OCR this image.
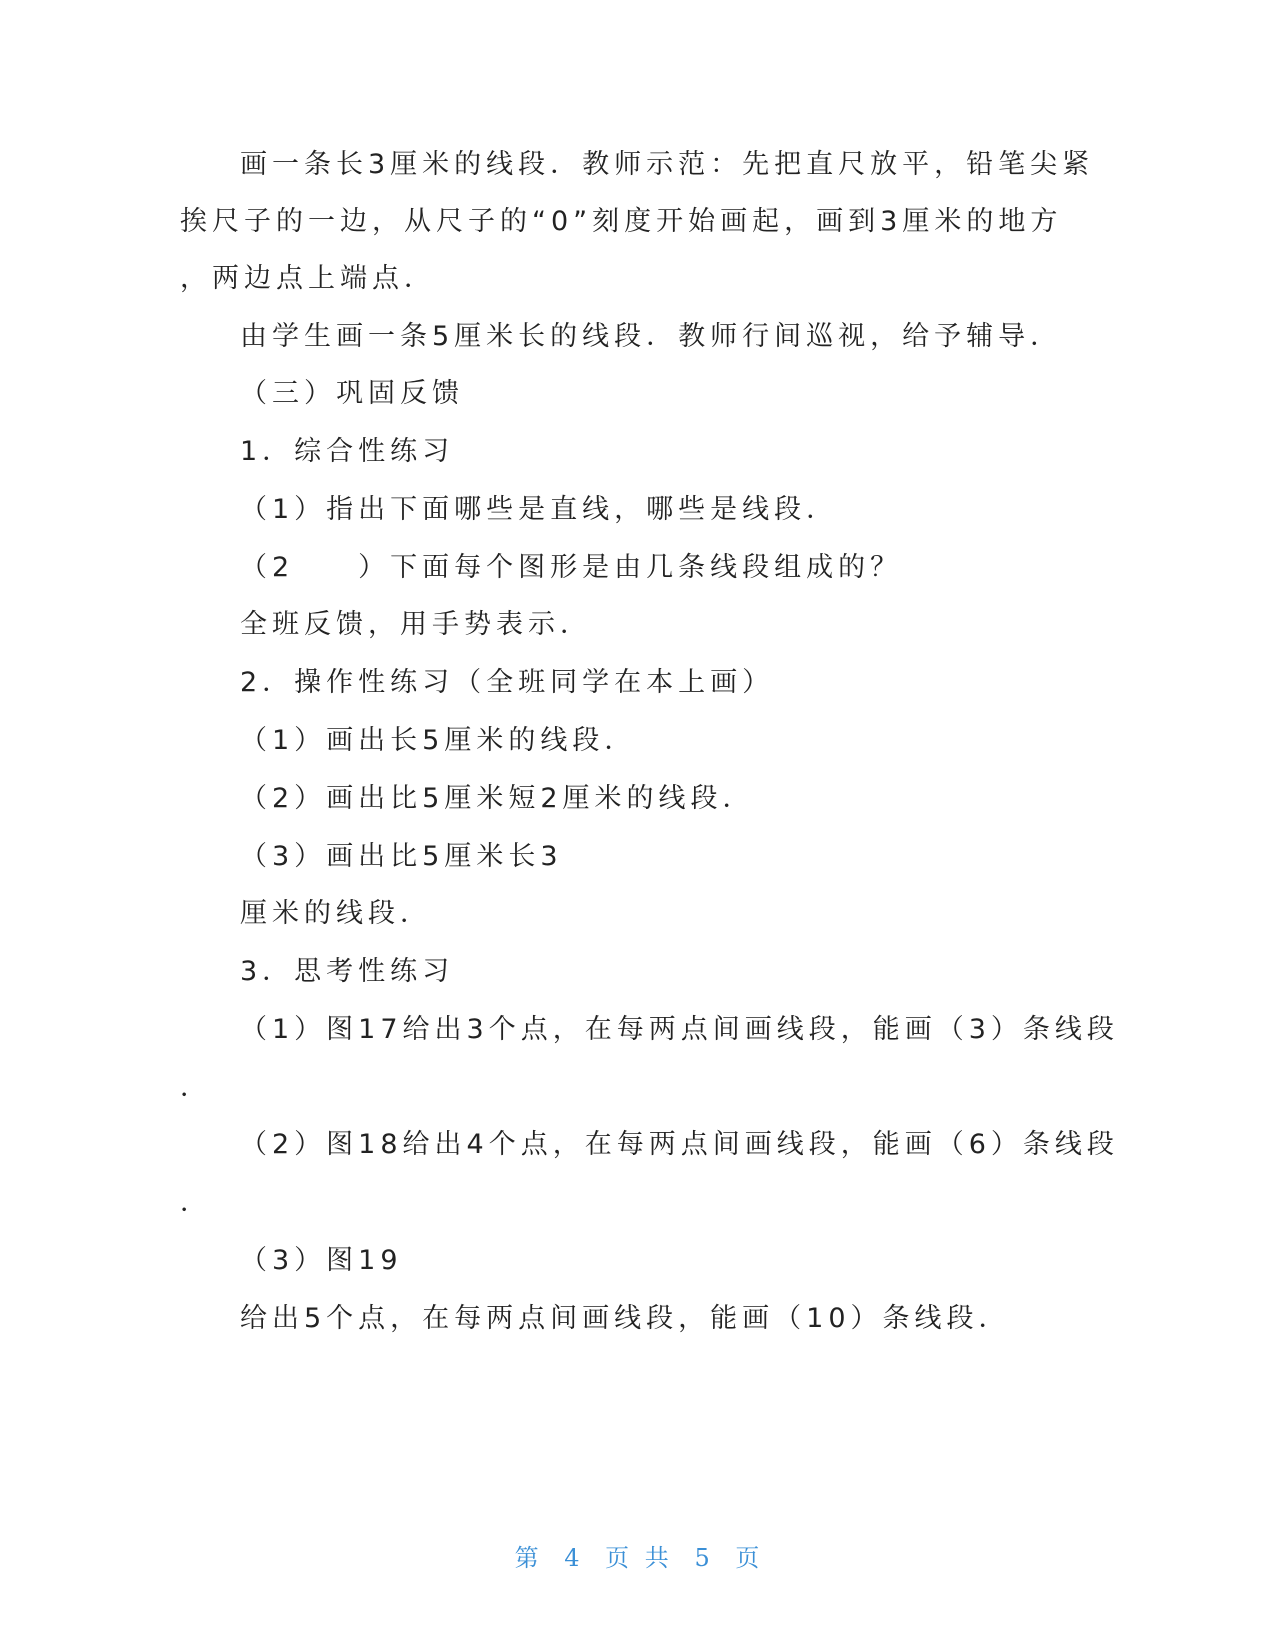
画一条长3厘米的线段．教师示范：先把直尺放平，铅笔尖紧
挨尺子的一边，从尺子的“0”刻度开始画起，画到3厘米的地方
，两边点上端点．
由学生画一条5厘米长的线段．教师行间巡视，给予辅导．
（三）巩固反馈
1．综合性练习
（1）指出下面哪些是直线，哪些是线段．
（2　　）下面每个图形是由几条线段组成的？
全班反馈，用手势表示．
2．操作性练习（全班同学在本上画）
（1）画出长5厘米的线段．
（2）画出比5厘米短2厘米的线段．
（3）画出比5厘米长3
厘米的线段．
3．思考性练习
（1）图17给出3个点，在每两点间画线段，能画（3）条线段
．
（2）图18给出4个点，在每两点间画线段，能画（6）条线段
．
（3）图19
给出5个点，在每两点间画线段，能画（10）条线段．
第 4 页 共 5 页
